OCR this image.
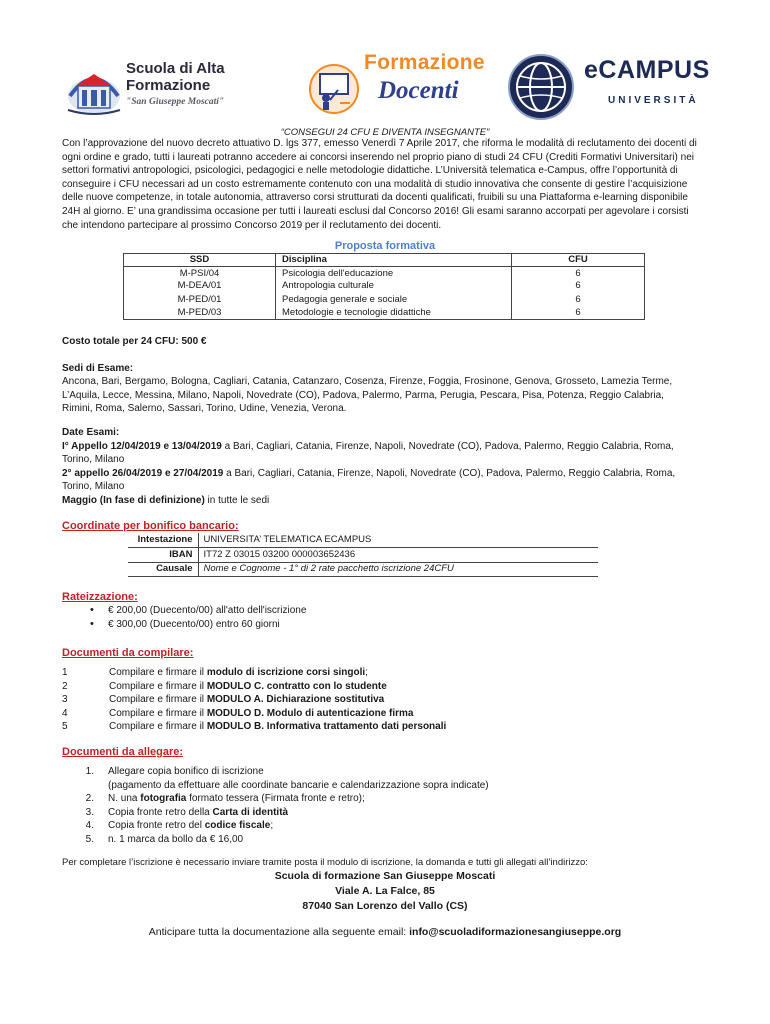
Scuola di Alta
Formazione
"San Giuseppe Moscati"
Formazione
Docenti
eCAMPUS
UNIVERSITÀ
“CONSEGUI 24 CFU E DIVENTA INSEGNANTE”

Con l’approvazione del nuovo decreto attuativo D. lgs 377, emesso Venerdì 7 Aprile 2017, che riforma le modalità di reclutamento dei docenti di ogni ordine e grado, tutti i laureati potranno accedere ai concorsi inserendo nel proprio piano di studi 24 CFU (Crediti Formativi Universitari) nei settori formativi antropologici, psicologici, pedagogici e nelle metodologie didattiche. L’Università telematica e-Campus, offre l’opportunità di conseguire i CFU necessari ad un costo estremamente contenuto con una modalità di studio innovativa che consente di gestire l’acquisizione delle nuove competenze, in totale autonomia, attraverso corsi strutturati da docenti qualificati, fruibili su una Piattaforma e-learning disponibile 24H al giorno. E’ una grandissima occasione per tutti i laureati esclusi dal Concorso 2016! Gli esami saranno accorpati per agevolare i corsisti che intendono partecipare al prossimo Concorso 2019 per il reclutamento dei docenti.

Proposta formativa
SSD	Disciplina	CFU
M-PSI/04	Psicologia dell'educazione	6
M-DEA/01	Antropologia culturale	6
M-PED/01	Pedagogia generale e sociale	6
M-PED/03	Metodologie e tecnologie didattiche	6
Costo totale per 24 CFU: 500 €
Sedi di Esame:

Ancona, Bari, Bergamo, Bologna, Cagliari, Catania, Catanzaro, Cosenza, Firenze, Foggia, Frosinone, Genova, Grosseto, Lamezia Terme, L’Aquila, Lecce, Messina, Milano, Napoli, Novedrate (CO), Padova, Palermo, Parma, Perugia, Pescara, Pisa, Potenza, Reggio Calabria, Rimini, Roma, Salerno, Sassari, Torino, Udine, Venezia, Verona.

Date Esami:

I° Appello 12/04/2019 e 13/04/2019 a Bari, Cagliari, Catania, Firenze, Napoli, Novedrate (CO), Padova, Palermo, Reggio Calabria, Roma, Torino, Milano

2° appello 26/04/2019 e 27/04/2019 a Bari, Cagliari, Catania, Firenze, Napoli, Novedrate (CO), Padova, Palermo, Reggio Calabria, Roma, Torino, Milano

Maggio (In fase di definizione) in tutte le sedi

Coordinate per bonifico bancario:
Intestazione	UNIVERSITA’ TELEMATICA ECAMPUS
IBAN	IT72 Z 03015 03200 000003652436
Causale	Nome e Cognome - 1° di 2 rate pacchetto iscrizione 24CFU
Rateizzazione:
• € 200,00 (Duecento/00) all'atto dell'iscrizione
• € 300,00 (Duecento/00) entro 60 giorni
Documenti da compilare:
1	Compilare e firmare il modulo di iscrizione corsi singoli;
2	Compilare e firmare il MODULO C. contratto con lo studente
3	Compilare e firmare il MODULO A. Dichiarazione sostitutiva
4	Compilare e firmare il MODULO D. Modulo di autenticazione firma
5	Compilare e firmare il MODULO B. Informativa trattamento dati personali
Documenti da allegare:
1.	Allegare copia bonifico di iscrizione
(pagamento da effettuare alle coordinate bancarie e calendarizzazione sopra indicate)
2.	N. una fotografia formato tessera (Firmata fronte e retro);
3.	Copia fronte retro della Carta di identità
4.	Copia fronte retro del codice fiscale;
5.	n. 1 marca da bollo da € 16,00

Per completare l’iscrizione è necessario inviare tramite posta il modulo di iscrizione, la domanda e tutti gli allegati all’indirizzo:

Scuola di formazione San Giuseppe Moscati
Viale A. La Falce, 85
87040 San Lorenzo del Vallo (CS)
Anticipare tutta la documentazione alla seguente email: info@scuoladiformazionesangiuseppe.org
